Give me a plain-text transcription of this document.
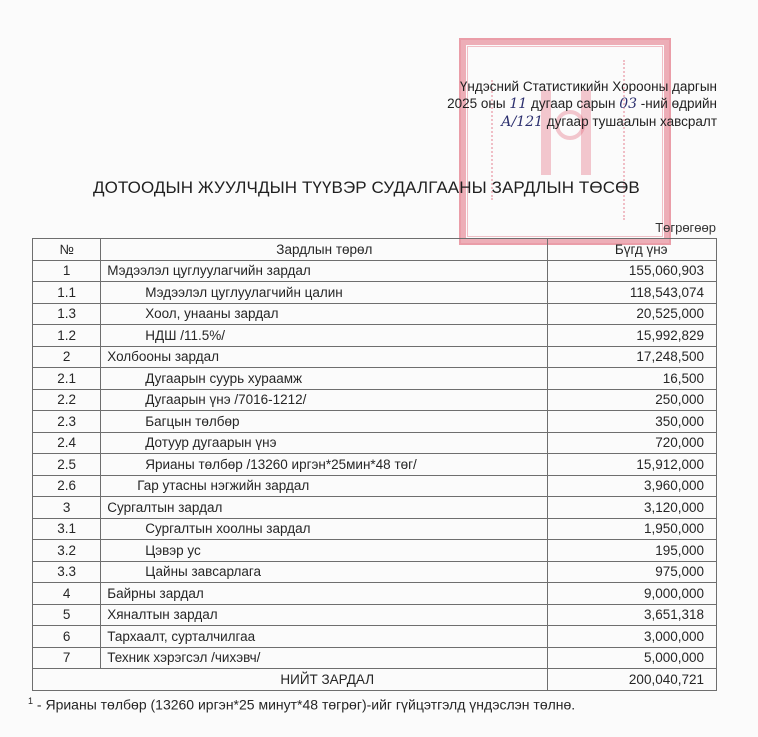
Үндэсний Статистикийн Хорооны даргын
2025 оны 11 дугаар сарын 03 -ний өдрийн
А/121 дугаар тушаалын хавсралт
ДОТООДЫН ЖУУЛЧДЫН ТҮҮВЭР СУДАЛГААНЫ ЗАРДЛЫН ТӨСӨВ
Төгрөгөөр
№	Зардлын төрөл	Бүгд үнэ
1	Мэдээлэл цуглуулагчийн зардал	155,060,903
1.1	Мэдээлэл цуглуулагчийн цалин	118,543,074
1.3	Хоол, унааны зардал	20,525,000
1.2	НДШ /11.5%/	15,992,829
2	Холбооны зардал	17,248,500
2.1	Дугаарын суурь хураамж	16,500
2.2	Дугаарын үнэ /7016-1212/	250,000
2.3	Багцын төлбөр	350,000
2.4	Дотуур дугаарын үнэ	720,000
2.5	Ярианы төлбөр /13260 иргэн*25мин*48 төг/	15,912,000
2.6	Гар утасны нэгжийн зардал	3,960,000
3	Сургалтын зардал	3,120,000
3.1	Сургалтын хоолны зардал	1,950,000
3.2	Цэвэр ус	195,000
3.3	Цайны завсарлага	975,000
4	Байрны зардал	9,000,000
5	Хяналтын зардал	3,651,318
6	Тархаалт, сурталчилгаа	3,000,000
7	Техник хэрэгсэл /чихэвч/	5,000,000
НИЙТ ЗАРДАЛ		200,040,721
$^1$ - Ярианы төлбөр (13260 иргэн*25 минут*48 төгрөг)-ийг гүйцэтгэлд үндэслэн төлнө.
